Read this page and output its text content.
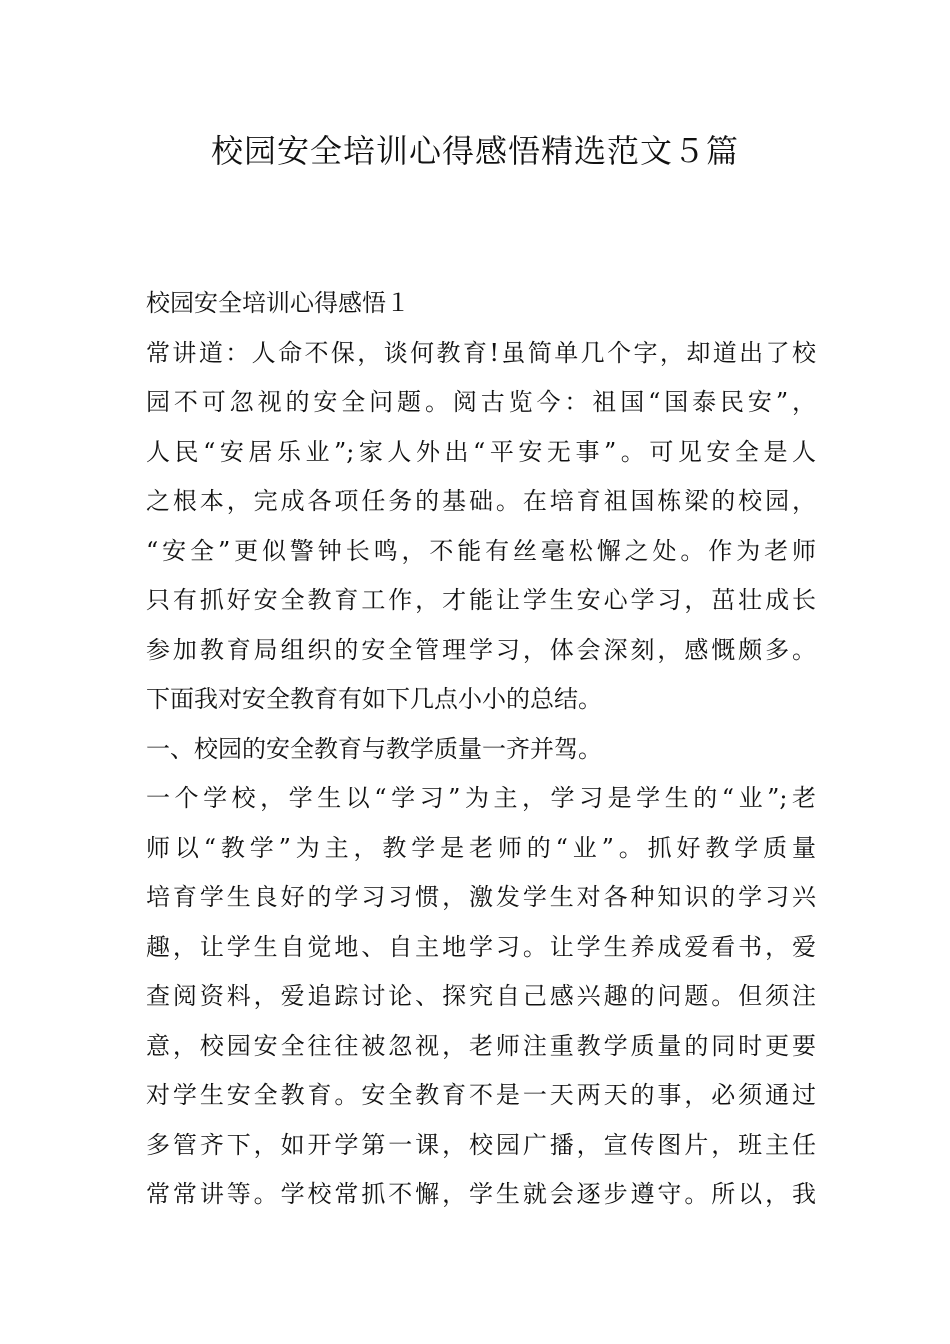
校园安全培训心得感悟精选范文５篇
校园安全培训心得感悟１
常讲道：人命不保，谈何教育!虽简单几个字，却道出了校
园不可忽视的安全问题。阅古览今：祖国“国泰民安”，
人民“安居乐业”;家人外出“平安无事”。可见安全是人
之根本，完成各项任务的基础。在培育祖国栋梁的校园，
“安全”更似警钟长鸣，不能有丝毫松懈之处。作为老师
只有抓好安全教育工作，才能让学生安心学习，茁壮成长
参加教育局组织的安全管理学习，体会深刻，感慨颇多。
下面我对安全教育有如下几点小小的总结。
一、校园的安全教育与教学质量一齐并驾。
一个学校，学生以“学习”为主，学习是学生的“业”;老
师以“教学”为主，教学是老师的“业”。抓好教学质量
培育学生良好的学习习惯，激发学生对各种知识的学习兴
趣，让学生自觉地、自主地学习。让学生养成爱看书，爱
查阅资料，爱追踪讨论、探究自己感兴趣的问题。但须注
意，校园安全往往被忽视，老师注重教学质量的同时更要
对学生安全教育。安全教育不是一天两天的事，必须通过
多管齐下，如开学第一课，校园广播，宣传图片，班主任
常常讲等。学校常抓不懈，学生就会逐步遵守。所以，我
